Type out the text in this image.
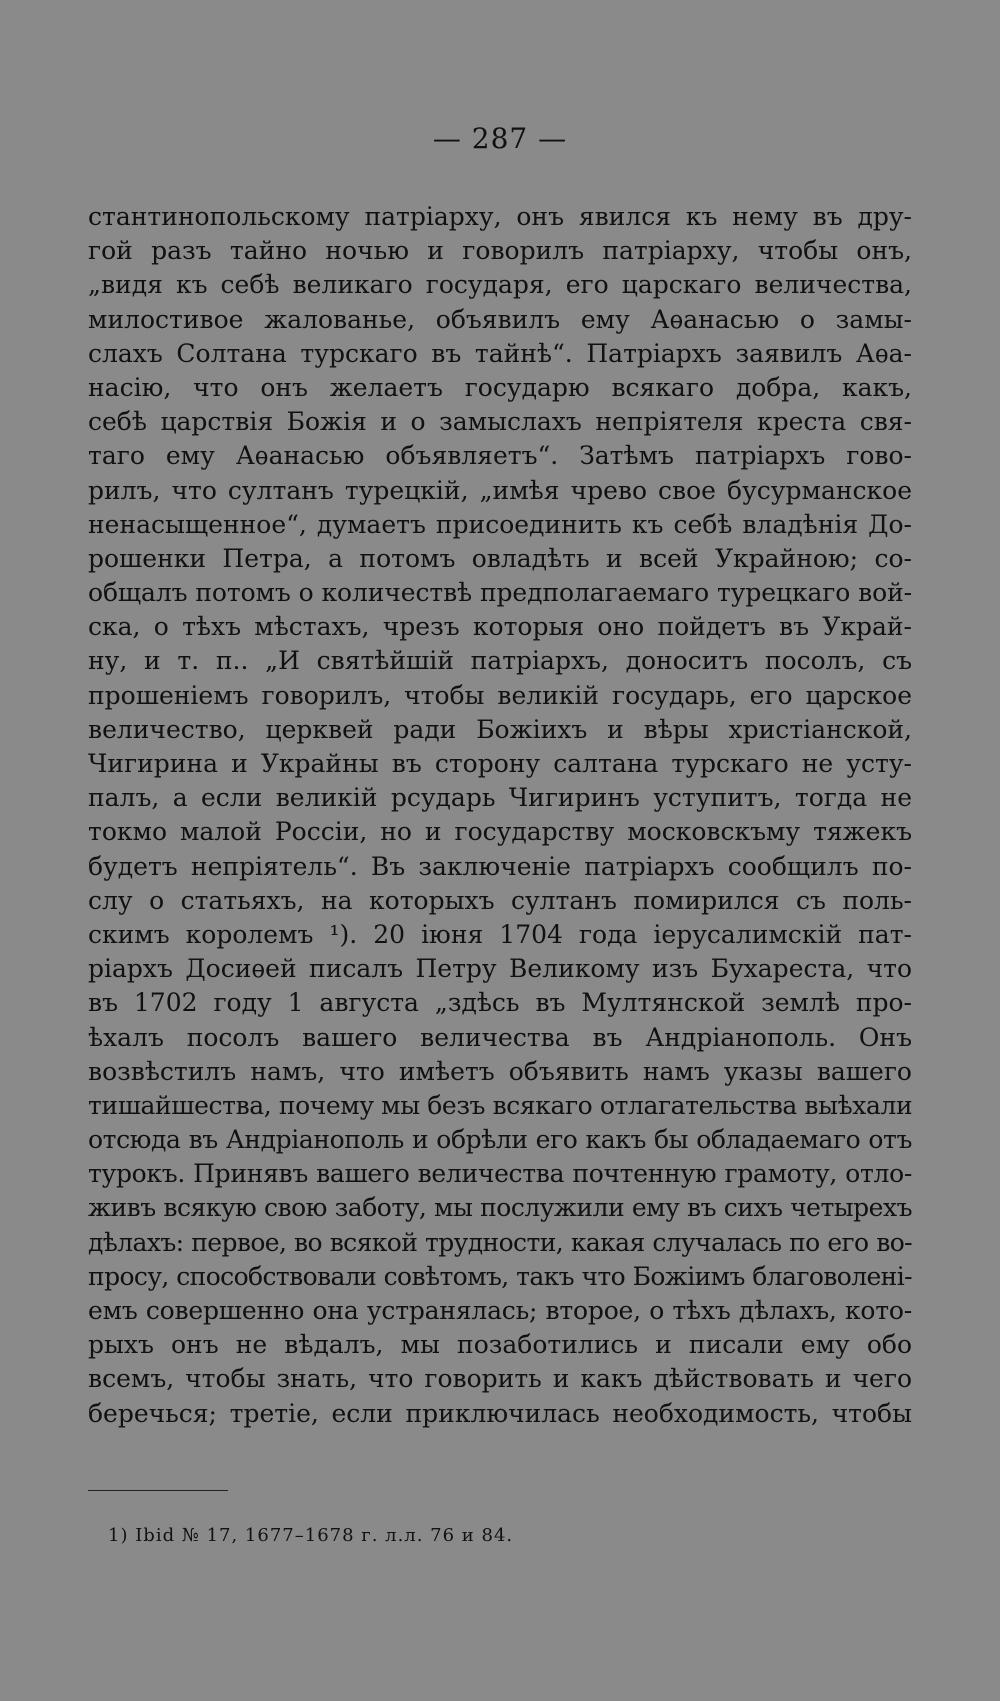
— 287 —
стантинопольскому патріарху, онъ явился къ нему въ дру-
гой разъ тайно ночью и говорилъ патріарху, чтобы онъ,
„видя къ себѣ великаго государя, его царскаго величества,
милостивое жалованье, объявилъ ему Аѳанасью о замы-
слахъ Солтана турскаго въ тайнѣ“. Патріархъ заявилъ Аѳа-
насію, что онъ желаетъ государю всякаго добра, какъ,
себѣ царствія Божія и о замыслахъ непріятеля креста свя-
таго ему Аѳанасью объявляетъ“. Затѣмъ патріархъ гово-
рилъ, что султанъ турецкій, „имѣя чрево свое бусурманское
ненасыщенное“, думаетъ присоединить къ себѣ владѣнія До-
рошенки Петра, а потомъ овладѣть и всей Украйною; со-
общалъ потомъ о количествѣ предполагаемаго турецкаго вой-
ска, о тѣхъ мѣстахъ, чрезъ которыя оно пойдетъ въ Украй-
ну, и т. п.. „И святѣйшій патріархъ, доноситъ посолъ, съ
прошеніемъ говорилъ, чтобы великій государь, его царское
величество, церквей ради Божіихъ и вѣры христіанской,
Чигирина и Украйны въ сторону салтана турскаго не усту-
палъ, а если великій рсударь Чигиринъ уступитъ, тогда не
токмо малой Россіи, но и государству московскъму тяжекъ
будетъ непріятель“. Въ заключеніе патріархъ сообщилъ по-
слу о статьяхъ, на которыхъ султанъ помирился съ поль-
скимъ королемъ ¹). 20 іюня 1704 года іерусалимскій пат-
ріархъ Досиѳей писалъ Петру Великому изъ Бухареста, что
въ 1702 году 1 августа „здѣсь въ Мултянской землѣ про-
ѣхалъ посолъ вашего величества въ Андріанополь. Онъ
возвѣстилъ намъ, что имѣетъ объявить намъ указы вашего
тишайшества, почему мы безъ всякаго отлагательства выѣхали
отсюда въ Андріанополь и обрѣли его какъ бы обладаемаго отъ
турокъ. Принявъ вашего величества почтенную грамоту, отло-
живъ всякую свою заботу, мы послужили ему въ сихъ четырехъ
дѣлахъ: первое, во всякой трудности, какая случалась по его во-
просу, способствовали совѣтомъ, такъ что Божіимъ благоволені-
емъ совершенно она устранялась; второе, о тѣхъ дѣлахъ, кото-
рыхъ онъ не вѣдалъ, мы позаботились и писали ему обо
всемъ, чтобы знать, что говорить и какъ дѣйствовать и чего
беречься; третіе, если приключилась необходимость, чтобы
1) Ibid № 17, 1677–1678 г. л.л. 76 и 84.
